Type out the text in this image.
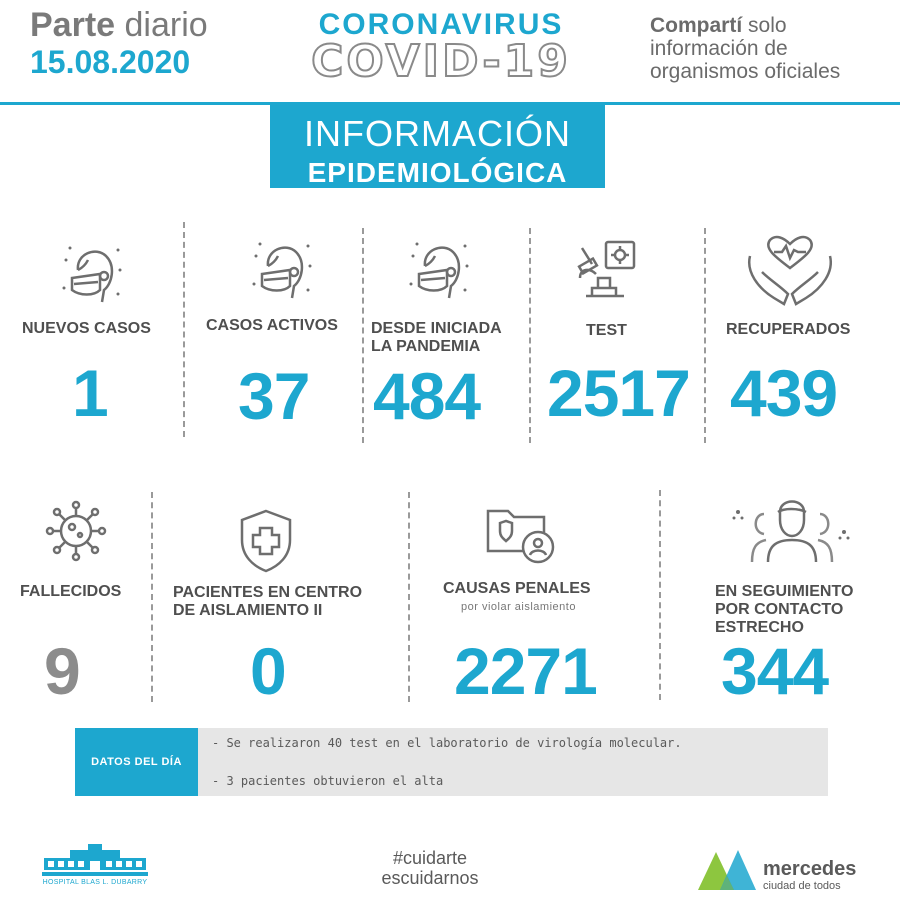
Parte diario
15.08.2020
CORONAVIRUS
COVID-19
Compartí solo información de organismos oficiales
INFORMACIÓN
EPIDEMIOLÓGICA
NUEVOS CASOS	CASOS ACTIVOS DESDE INICIADA
LA PANDEMIA
TEST	RECUPERADOS
1 37 484 2517 439
FALLECIDOS	PACIENTES EN CENTRO
DE AISLAMIENTO II
CAUSAS PENALES
por violar aislamiento
EN SEGUIMIENTO
POR CONTACTO
ESTRECHO
9	0	2271 344
DATOS DEL DÍA
- Se realizaron 40 test en el laboratorio de virología molecular.
- 3 pacientes obtuvieron el alta
HOSPITAL BLAS L. DUBARRY
#cuidarte
escuidarnos	mercedes
ciudad de todos
